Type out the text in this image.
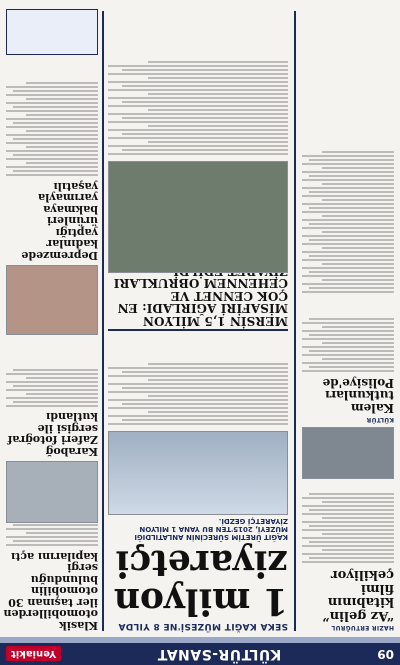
09
KÜLTÜR-SANAT
Yeniakit
HAZIR ERTUĞRUL
“Az gelin” kitabının filmi çekiliyor
KÜLTÜR
Kalem tutkunları Polisiye'de
SEKA KAĞIT MÜZESİ'NE 8 YILDA
1 milyon ziyaretçi
KAĞIT ÜRETİM SÜRECİNİN ANLATILDIĞI MÜZEYİ, 2015'TEN BU YANA 1 MİLYON ZİYARETÇİ GEZDİ.
MERSİN 1,5 MİLYON MİSAFİRİ AĞIRLADI: EN ÇOK CENNET VE CEHENNEM OBRUKLARI
Klasik otomobillerden iler taşınan 30 otomobilin bulunduğu sergi kapılarını açtı
Karaboğ Zaferi fotoğraf sergisi ile kutlandı
Depremzede kadınlar yaptığı ürünleri bakmaya yarımayla yaşatılı
